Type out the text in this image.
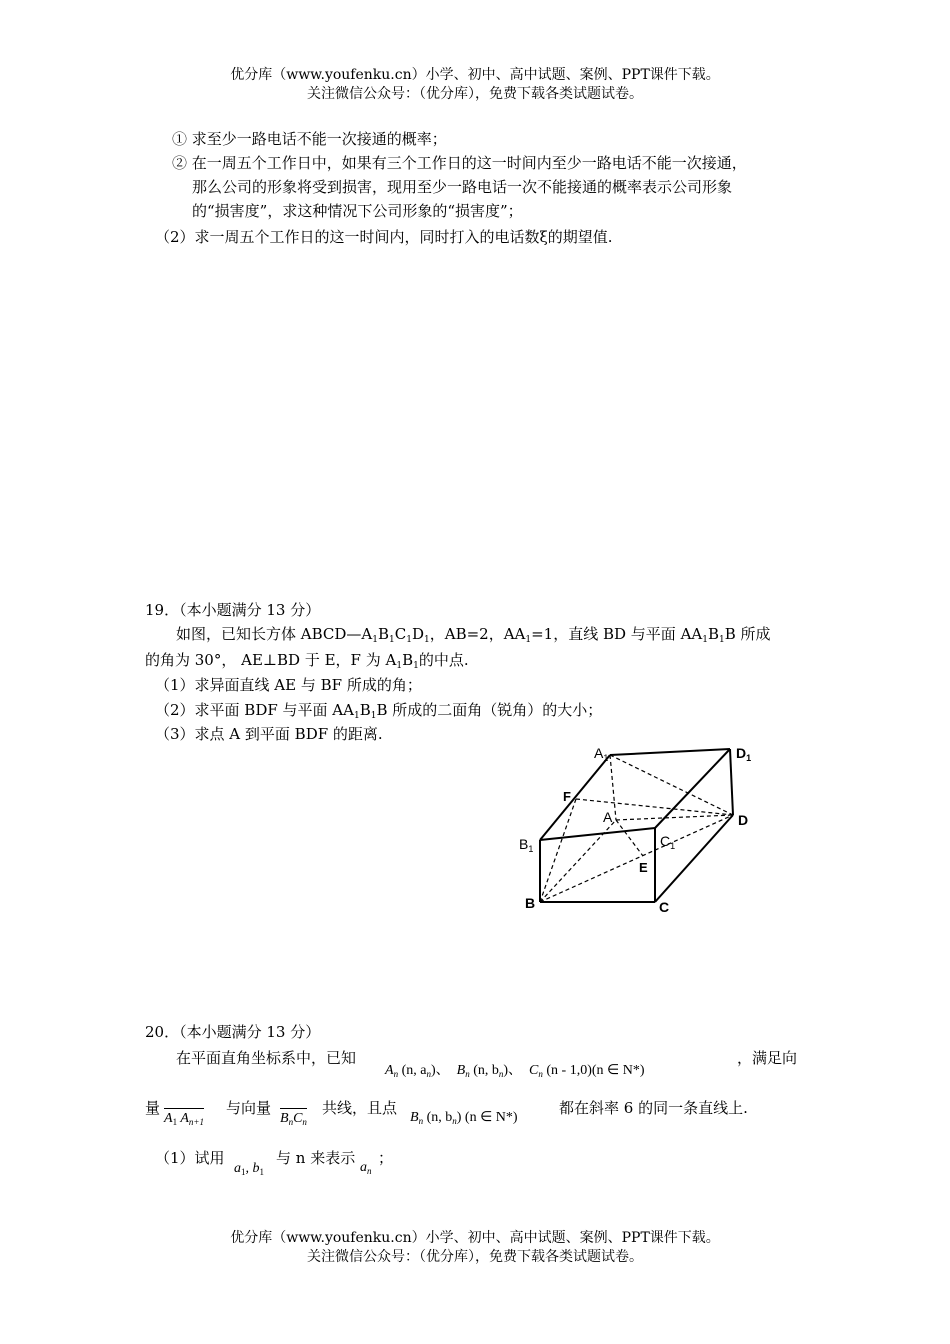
优分库（www.youfenku.cn）小学、初中、高中试题、案例、PPT课件下载。
关注微信公众号：（优分库），免费下载各类试题试卷。
① 求至少一路电话不能一次接通的概率；
② 在一周五个工作日中，如果有三个工作日的这一时间内至少一路电话不能一次接通，
那么公司的形象将受到损害，现用至少一路电话一次不能接通的概率表示公司形象
的“损害度”，求这种情况下公司形象的“损害度”；
（2）求一周五个工作日的这一时间内，同时打入的电话数ξ的期望值.
19．（本小题满分 13 分）
如图，已知长方体 $ABCD—A_1B_1C_1D_1$，AB=2，$AA_1=1$，直线 BD 与平面 $AA_1B_1B$ 所成
的角为 30°， AE⊥BD 于 E，F 为 $A_1B_1$的中点.
（1）求异面直线 AE 与 BF 所成的角；
（2）求平面 BDF 与平面 $AA_1B_1B$ 所成的二面角（锐角）的大小；
（3）求点 A 到平面 BDF 的距离.
$A_1$	$D_1$
F
A	D
$B_1$	$C_1$
E
B	C
20．（本小题满分 13 分）
在平面直角坐标系中，已知
$A_n$ (n, $a_n$)、 $B_n$ (n, $b_n$)、 $C_n$ (n - 1,0)(n ∈ N*)
，满足向
量
$A_1$ $A_{n+1}$
与向量
$B_nC_n$
共线，且点
$B_n$ (n, $b_n$) (n ∈ N*)
都在斜率 6 的同一条直线上.
（1）试用
$a_1$, $b_1$
与 n 来表示
$a_n$
；
优分库（www.youfenku.cn）小学、初中、高中试题、案例、PPT课件下载。
关注微信公众号：（优分库），免费下载各类试题试卷。
